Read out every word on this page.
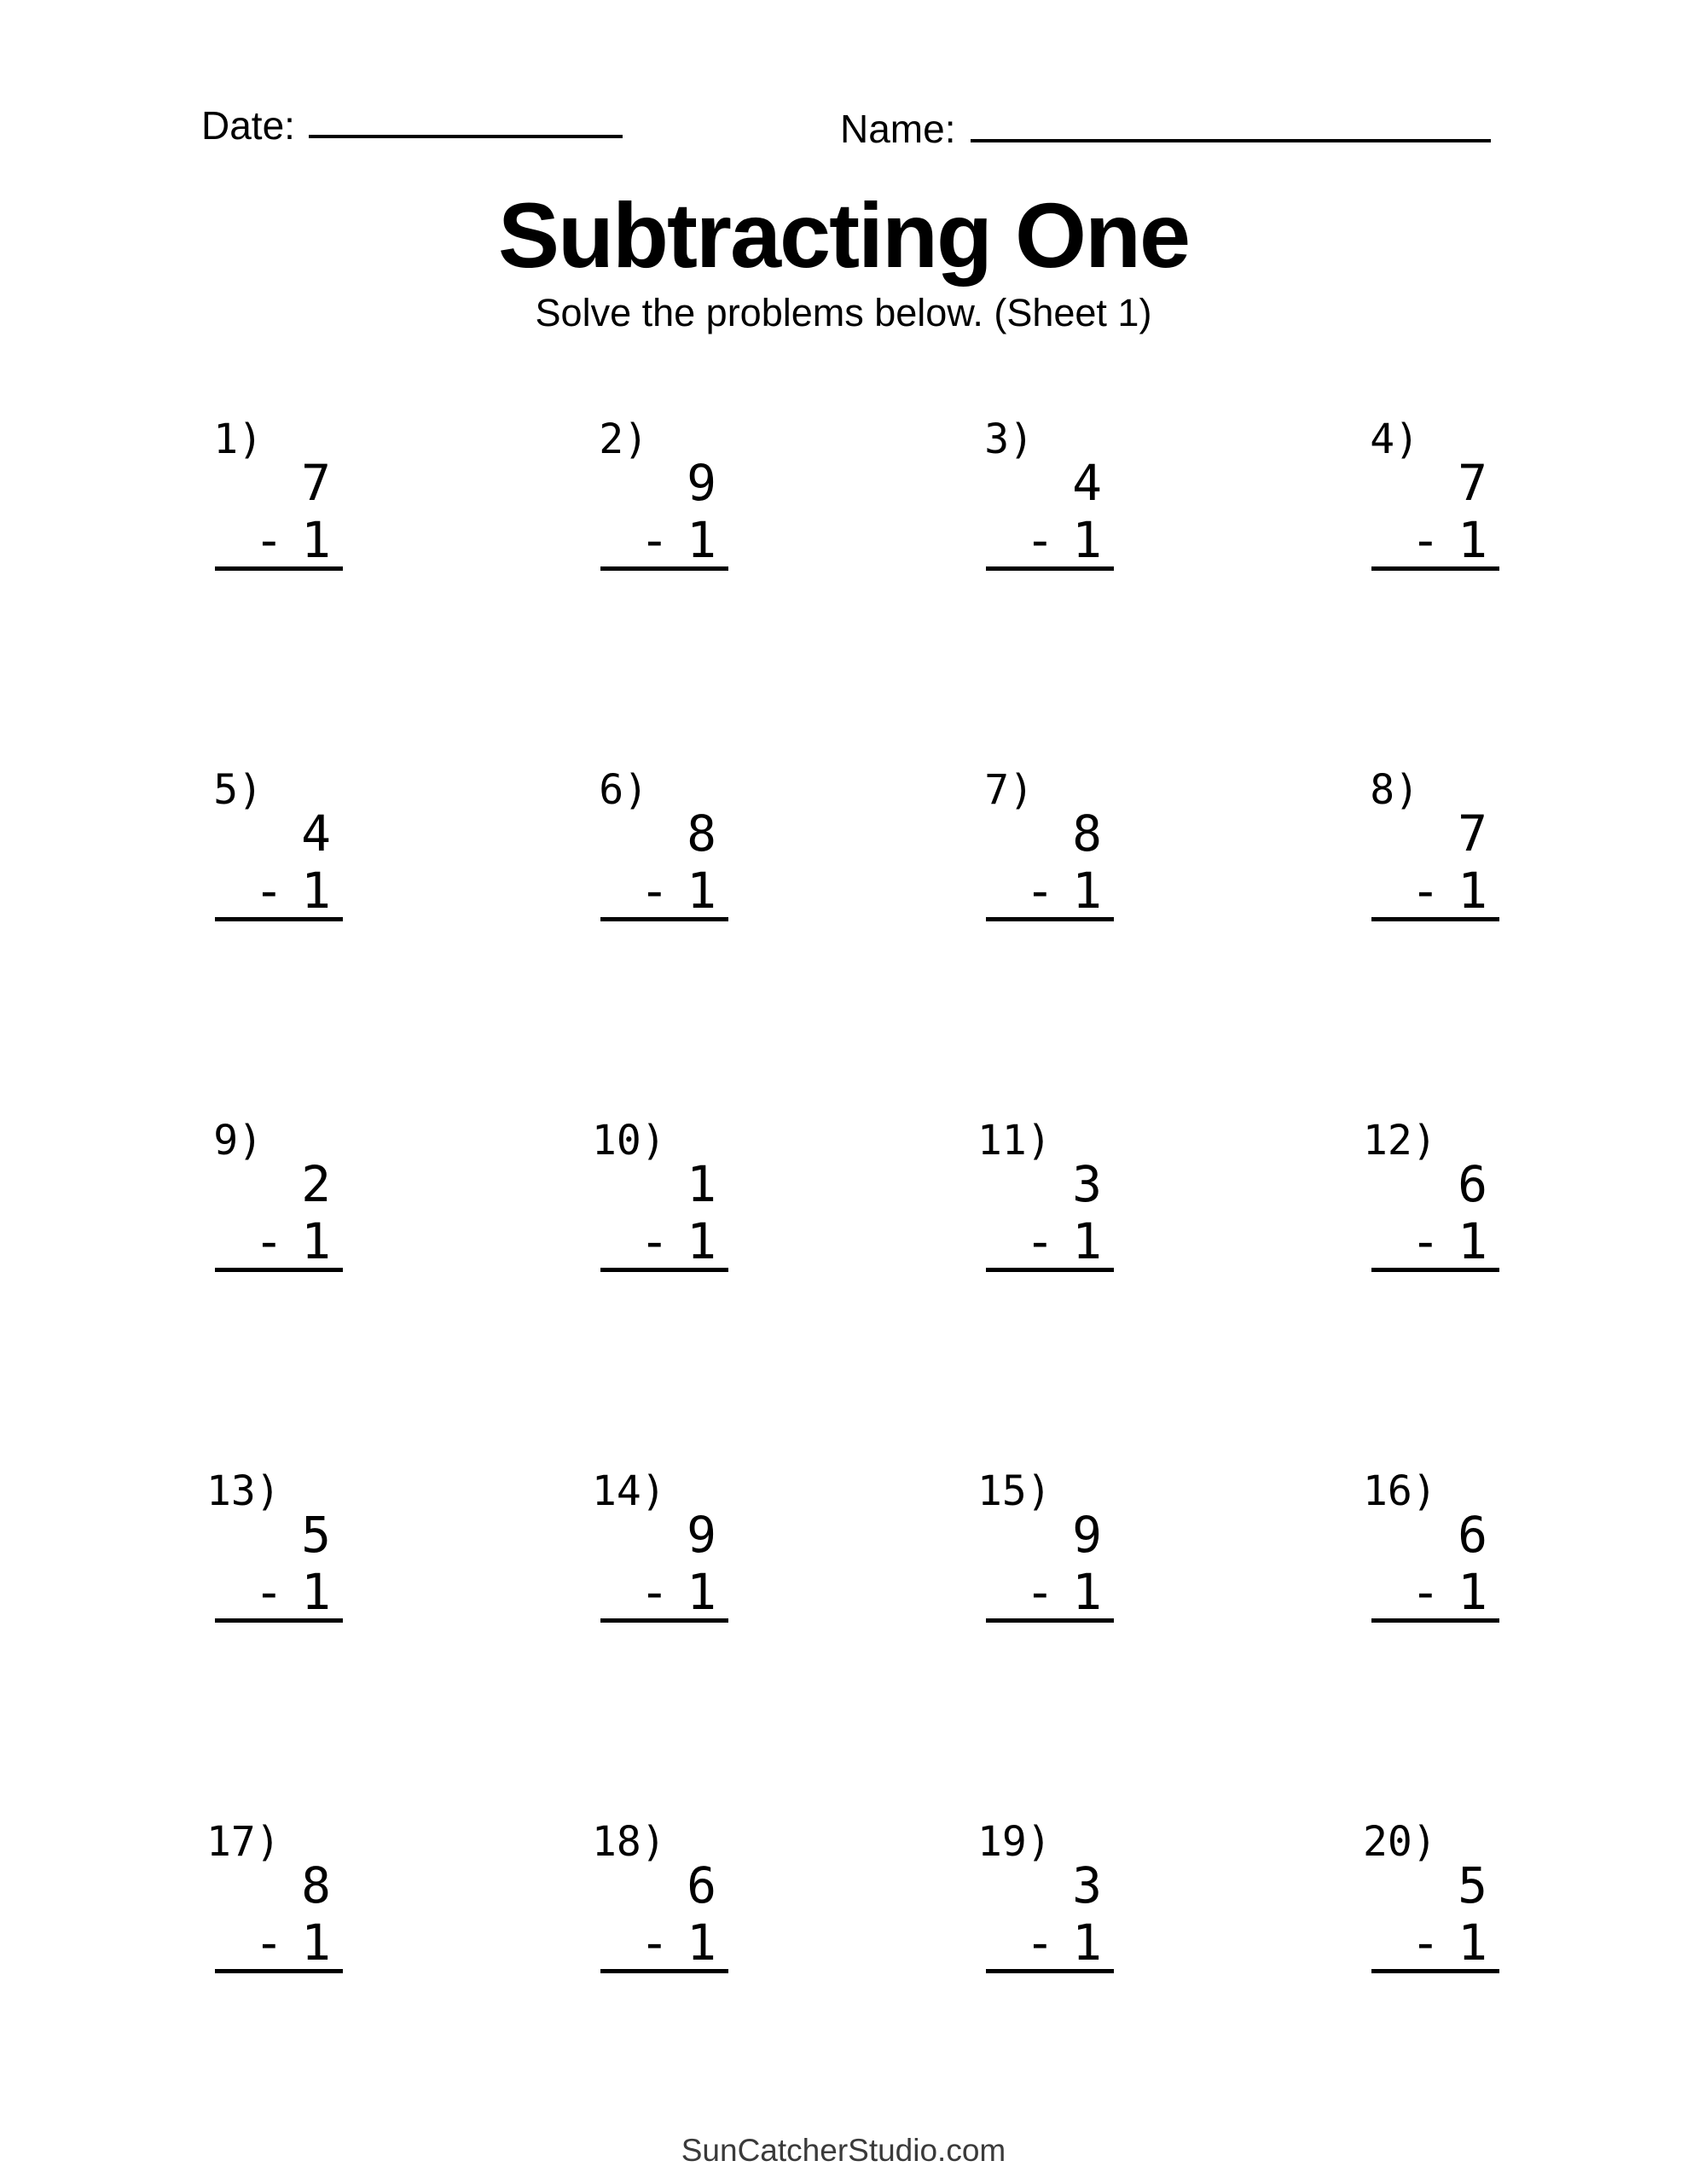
Date:	Name:
Subtracting One
Solve the problems below. (Sheet 1)
1)
7
- 1
2)
9
- 1
3)
4
- 1
4)
7
- 1
5)
4
- 1
6)
8
- 1
7)
8
- 1
8)
7
- 1
9)
2
- 1
10)
1
- 1
11)
3
- 1
12)
6
- 1
13)
5
- 1
14)
9
- 1
15)
9
- 1
16)
6
- 1
17)
8
- 1
18)
6
- 1
19)
3
- 1
20)
5
- 1
SunCatcherStudio.com
